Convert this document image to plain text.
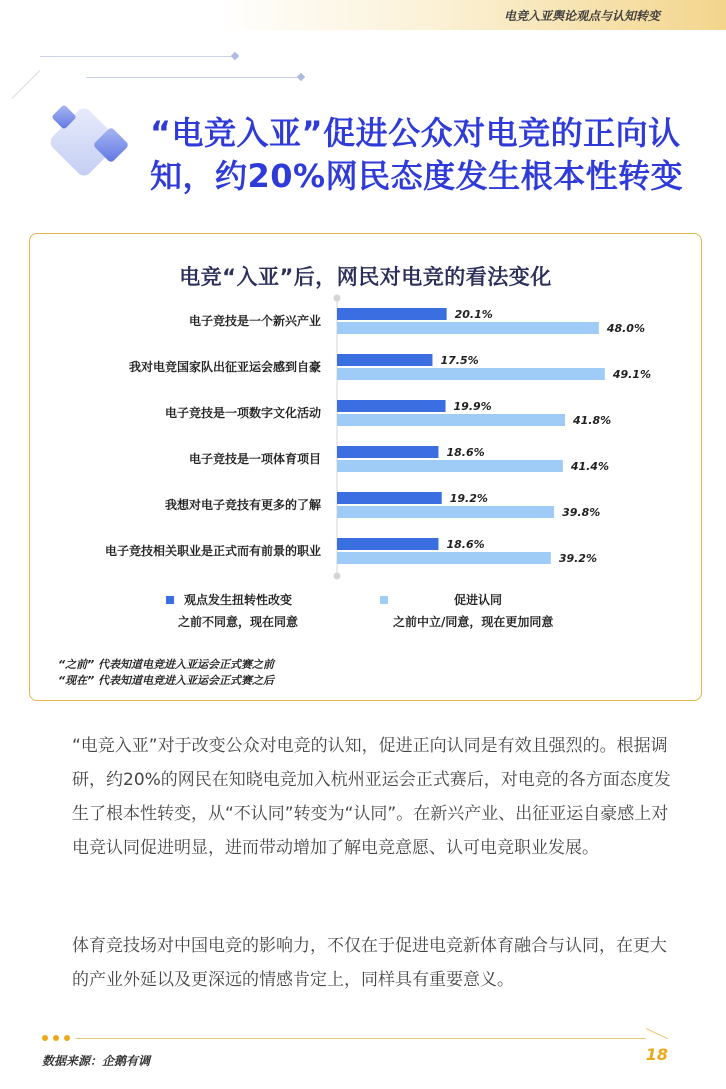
电竞入亚舆论观点与认知转变
“电竞入亚”促进公众对电竞的正向认知，约20%网民态度发生根本性转变
电竞“入亚”后，网民对电竞的看法变化
电子竞技是一个新兴产业	20.1%
48.0%
我对电竞国家队出征亚运会感到自豪	17.5%
49.1%
电子竞技是一项数字文化活动	19.9%
41.8%
电子竞技是一项体育项目	18.6%
41.4%
我想对电子竞技有更多的了解	19.2%
39.8%
电子竞技相关职业是正式而有前景的职业	18.6%
39.2%
观点发生扭转性改变
之前不同意，现在同意
促进认同
之前中立/同意，现在更加同意
“之前” 代表知道电竞进入亚运会正式赛之前
“现在” 代表知道电竞进入亚运会正式赛之后
“电竞入亚”对于改变公众对电竞的认知，促进正向认同是有效且强烈的。根据调研，约20%的网民在知晓电竞加入杭州亚运会正式赛后，对电竞的各方面态度发生了根本性转变，从“不认同”转变为“认同”。在新兴产业、出征亚运自豪感上对电竞认同促进明显，进而带动增加了解电竞意愿、认可电竞职业发展。
体育竞技场对中国电竞的影响力，不仅在于促进电竞新体育融合与认同，在更大的产业外延以及更深远的情感肯定上，同样具有重要意义。
数据来源：企鹅有调	18
